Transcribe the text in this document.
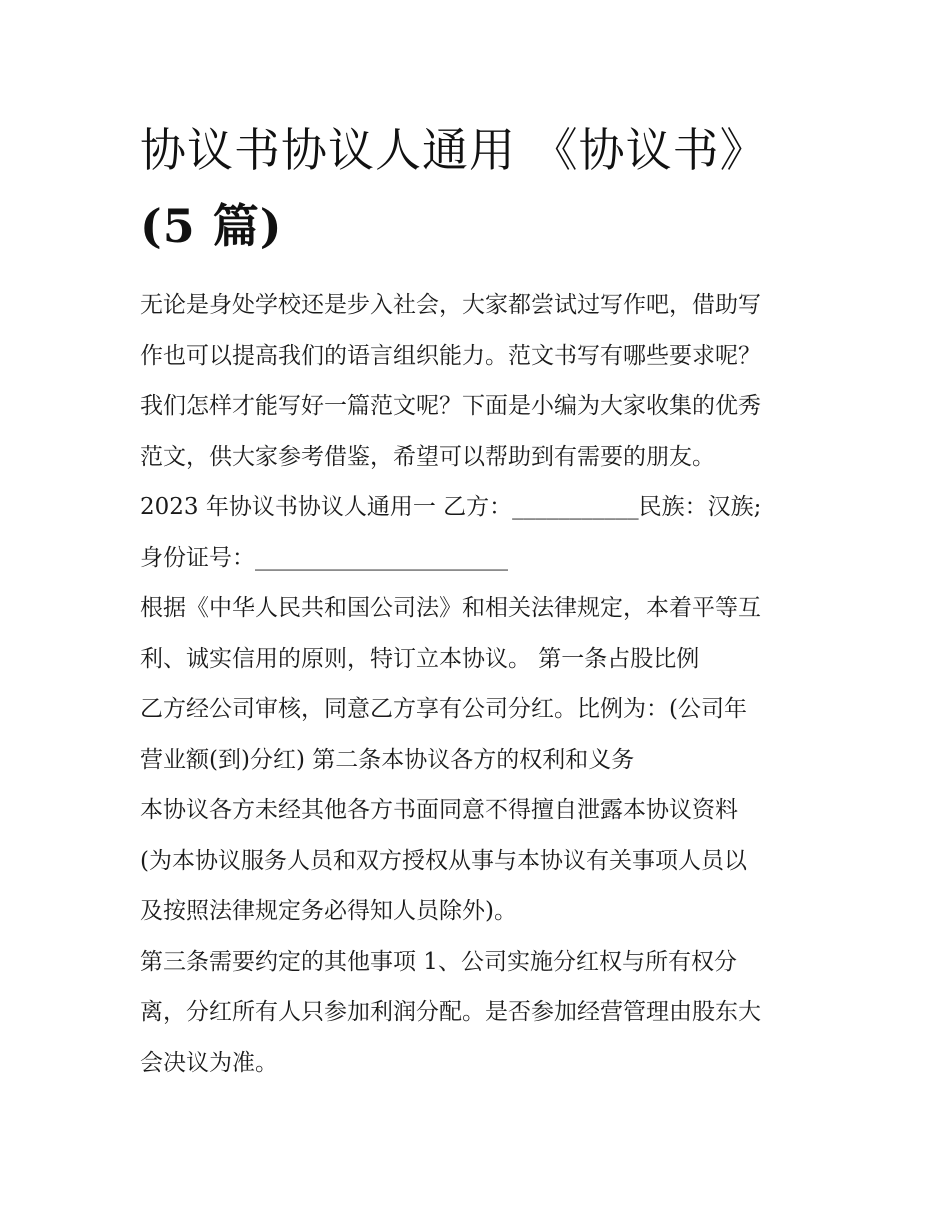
协议书协议人通用 《协议书》

(5 篇)
无论是身处学校还是步入社会，大家都尝试过写作吧，借助写
作也可以提高我们的语言组织能力。范文书写有哪些要求呢？
我们怎样才能写好一篇范文呢？下面是小编为大家收集的优秀
范文，供大家参考借鉴，希望可以帮助到有需要的朋友。
2023 年协议书协议人通用一 乙方：___________民族：汉族;
身份证号：______________________
根据《中华人民共和国公司法》和相关法律规定，本着平等互
利、诚实信用的原则，特订立本协议。 第一条占股比例
乙方经公司审核，同意乙方享有公司分红。比例为：(公司年
营业额(到)分红) 第二条本协议各方的权利和义务
本协议各方未经其他各方书面同意不得擅自泄露本协议资料
(为本协议服务人员和双方授权从事与本协议有关事项人员以
及按照法律规定务必得知人员除外)。
第三条需要约定的其他事项 1、公司实施分红权与所有权分
离，分红所有人只参加利润分配。是否参加经营管理由股东大
会决议为准。
